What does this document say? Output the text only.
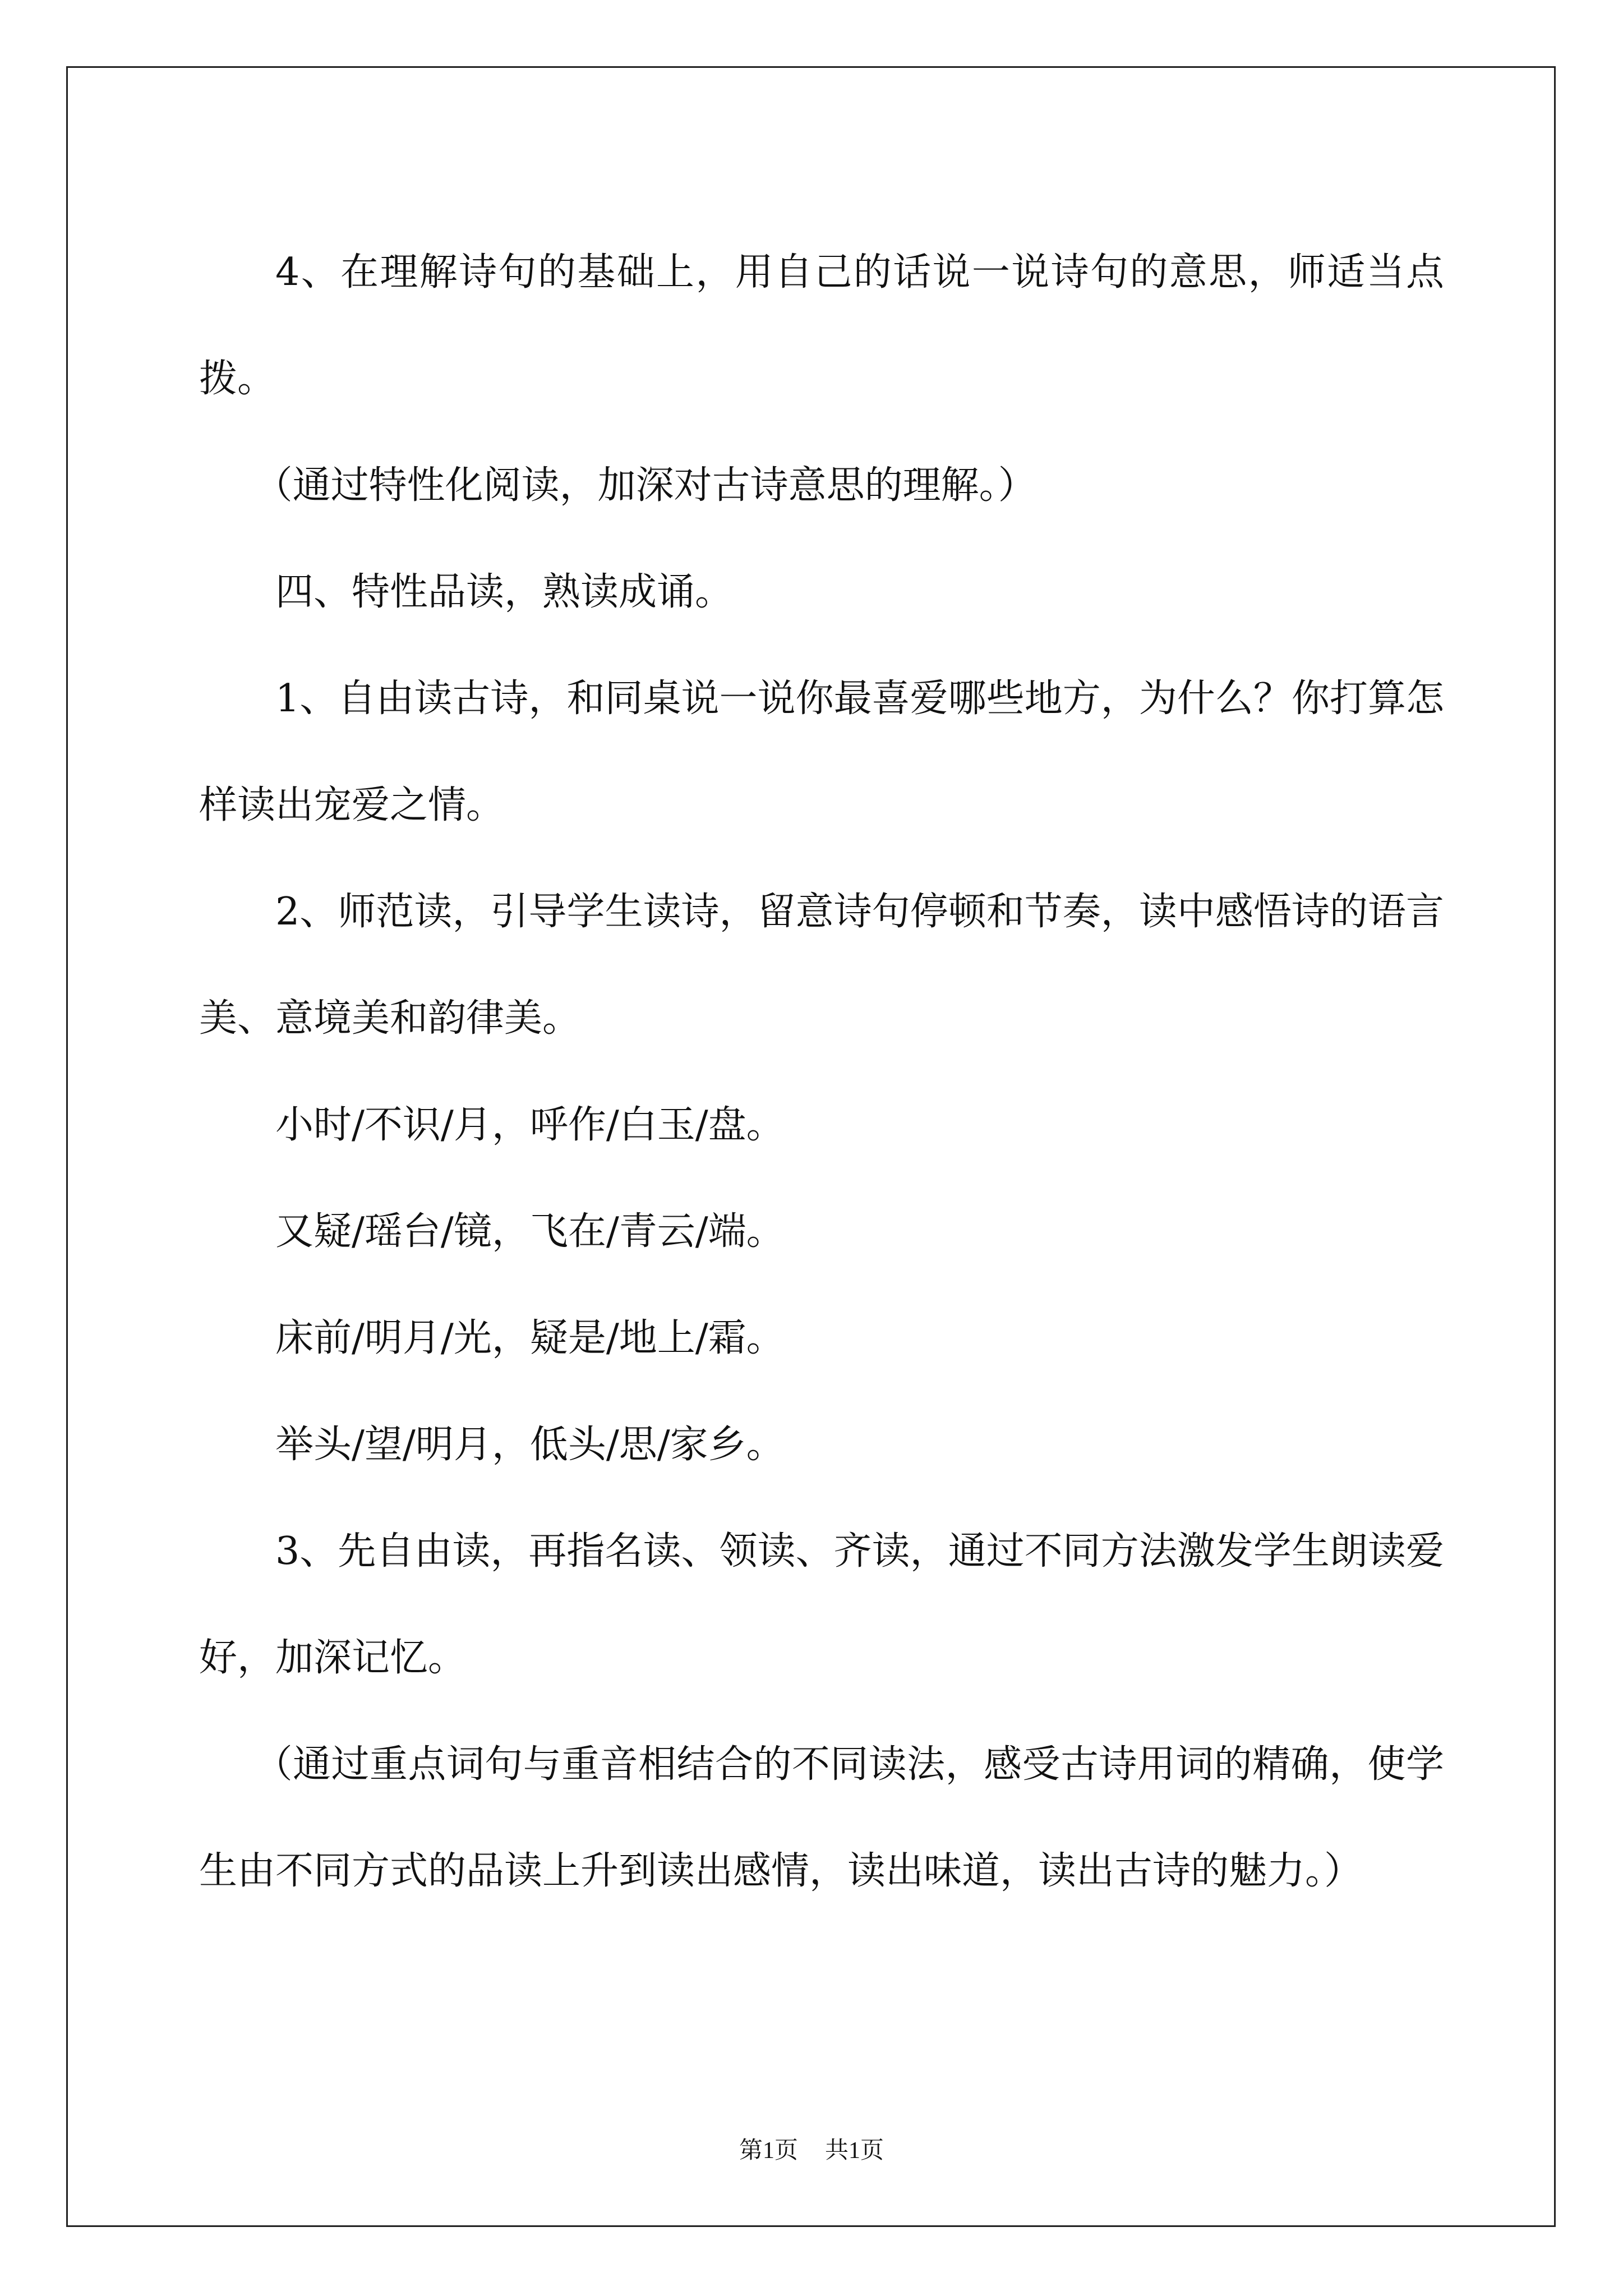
4、在理解诗句的基础上，用自己的话说一说诗句的意思，师适当点拨。

（通过特性化阅读，加深对古诗意思的理解。）

四、特性品读，熟读成诵。

1、自由读古诗，和同桌说一说你最喜爱哪些地方，为什么？你打算怎样读出宠爱之情。

2、师范读，引导学生读诗，留意诗句停顿和节奏，读中感悟诗的语言美、意境美和韵律美。

小时/不识/月，呼作/白玉/盘。

又疑/瑶台/镜，飞在/青云/端。

床前/明月/光，疑是/地上/霜。

举头/望/明月，低头/思/家乡。

3、先自由读，再指名读、领读、齐读，通过不同方法激发学生朗读爱好，加深记忆。

（通过重点词句与重音相结合的不同读法，感受古诗用词的精确，使学生由不同方式的品读上升到读出感情，读出味道，读出古诗的魅力。）

第1页 共1页
